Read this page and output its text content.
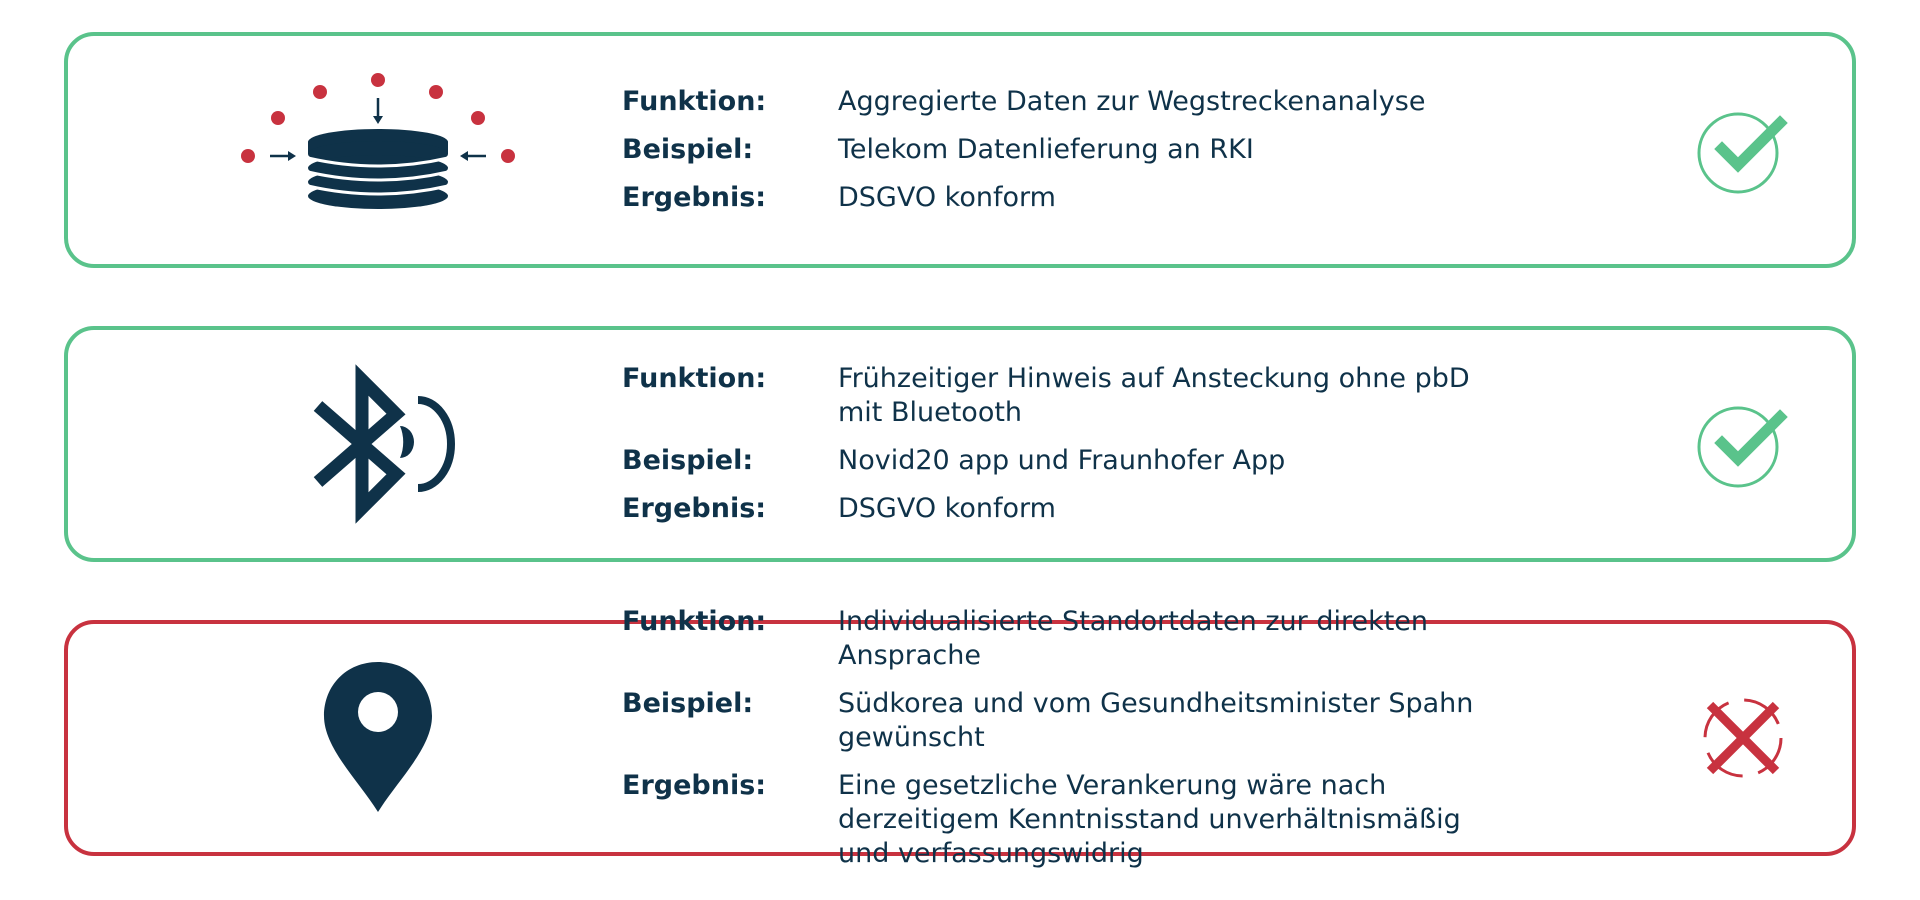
Funktion:	Aggregierte Daten zur Wegstreckenanalyse
Beispiel:	Telekom Datenlieferung an RKI
Ergebnis:	DSGVO konform
Funktion:	Frühzeitiger Hinweis auf Ansteckung ohne pbD mit Bluetooth
Beispiel:	Novid20 app und Fraunhofer App
Ergebnis:	DSGVO konform
Funktion:	Individualisierte Standortdaten zur direkten Ansprache
Beispiel:	Südkorea und vom Gesundheitsminister Spahn gewünscht
Ergebnis:	Eine gesetzliche Verankerung wäre nach derzeitigem Kenntnisstand unverhältnismäßig und verfassungswidrig
